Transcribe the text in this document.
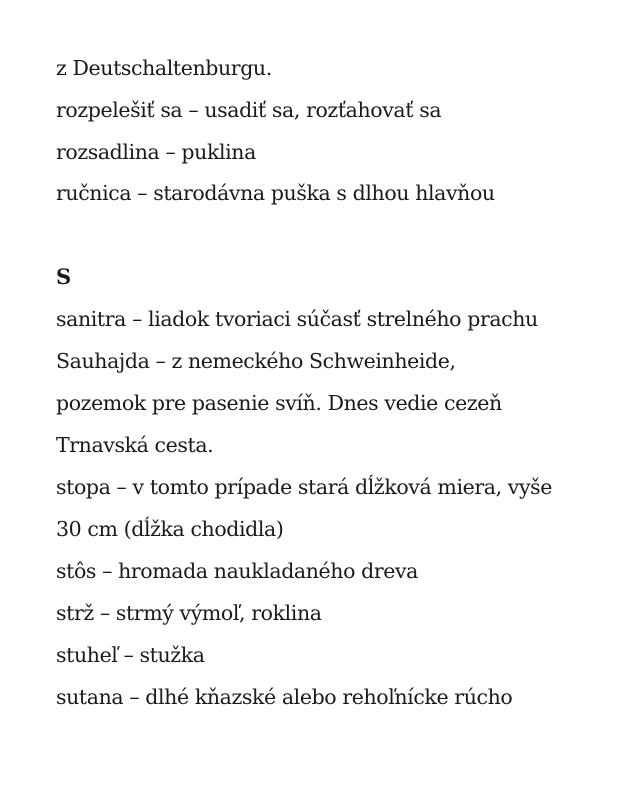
z Deutschaltenburgu.

rozpelešiť sa – usadiť sa, rozťahovať sa

rozsadlina – puklina

ručnica – starodávna puška s dlhou hlavňou

S

sanitra – liadok tvoriaci súčasť strelného prachu

Sauhajda – z nemeckého Schweinheide,

pozemok pre pasenie svíň. Dnes vedie cezeň

Trnavská cesta.

stopa – v tomto prípade stará dĺžková miera, vyše

30 cm (dĺžka chodidla)

stôs – hromada naukladaného dreva

strž – strmý výmoľ, roklina

stuheľ – stužka

sutana – dlhé kňazské alebo rehoľnícke rúcho
